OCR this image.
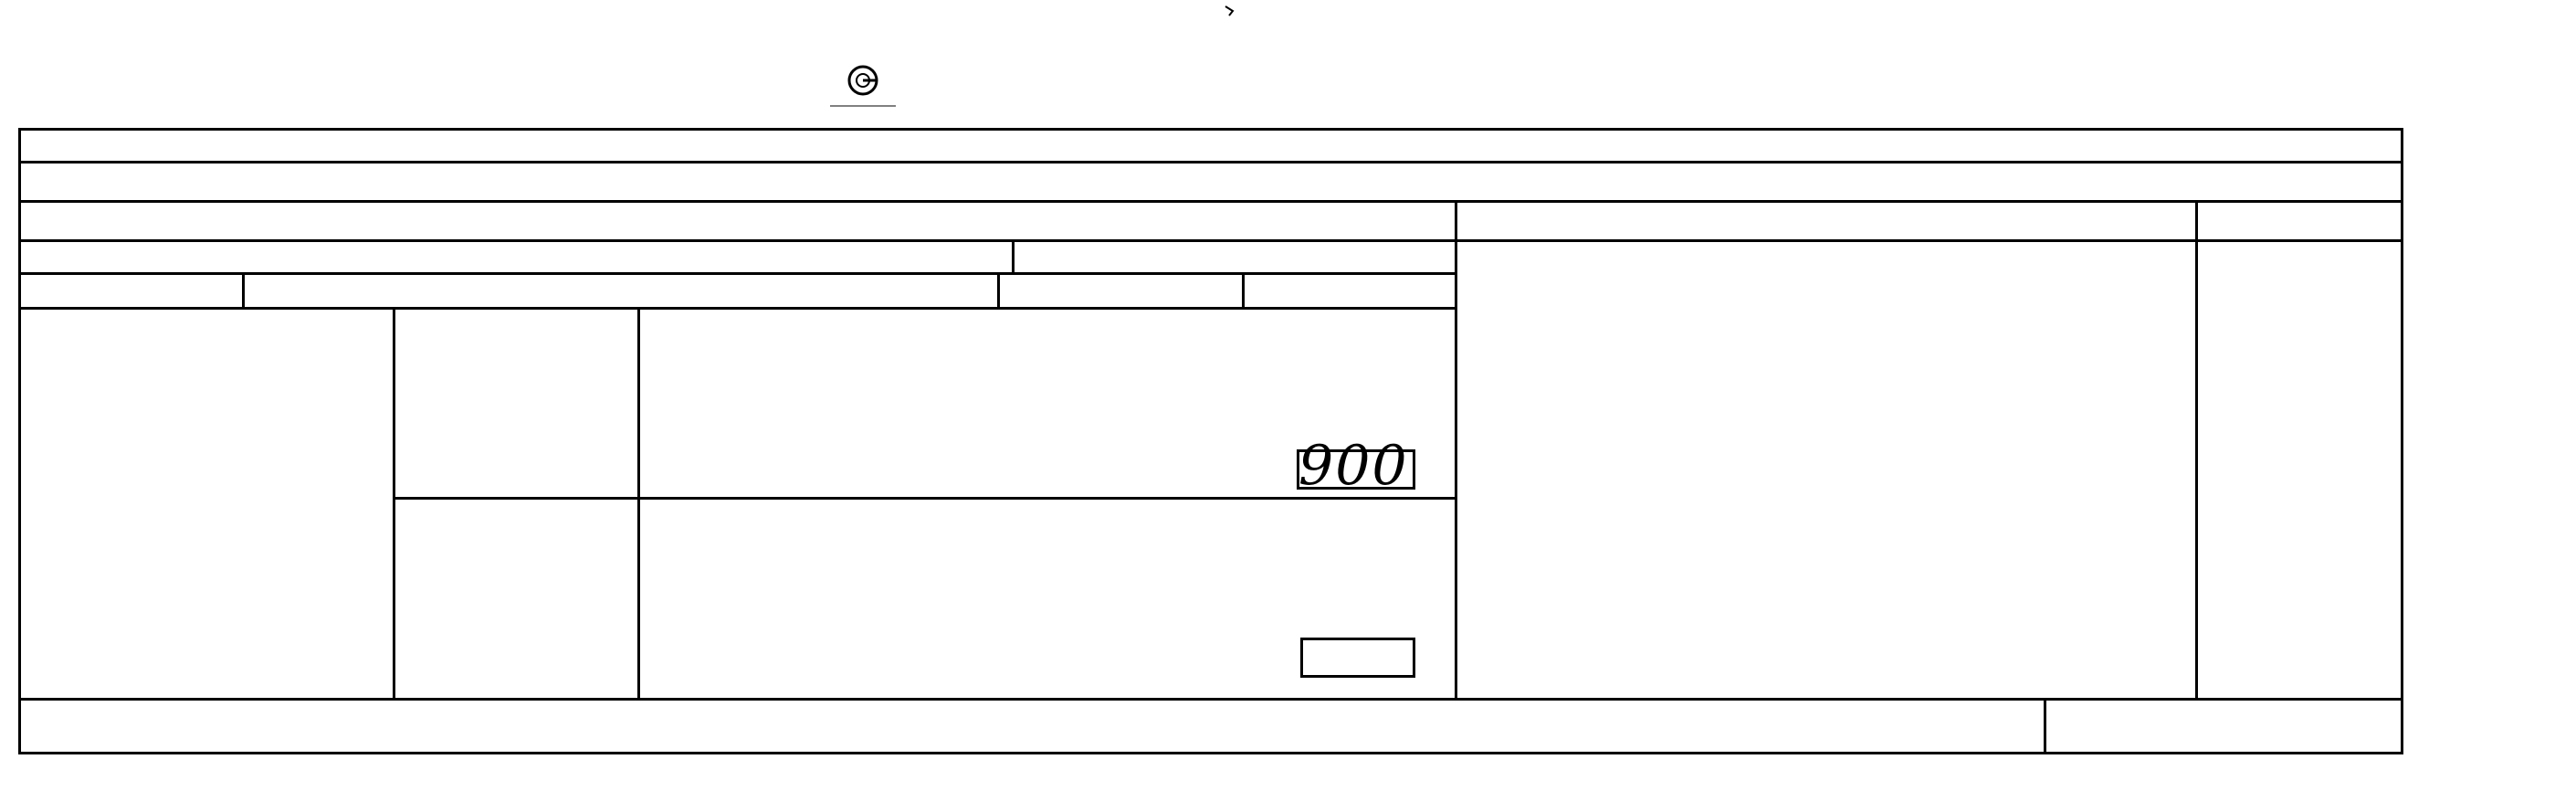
900
